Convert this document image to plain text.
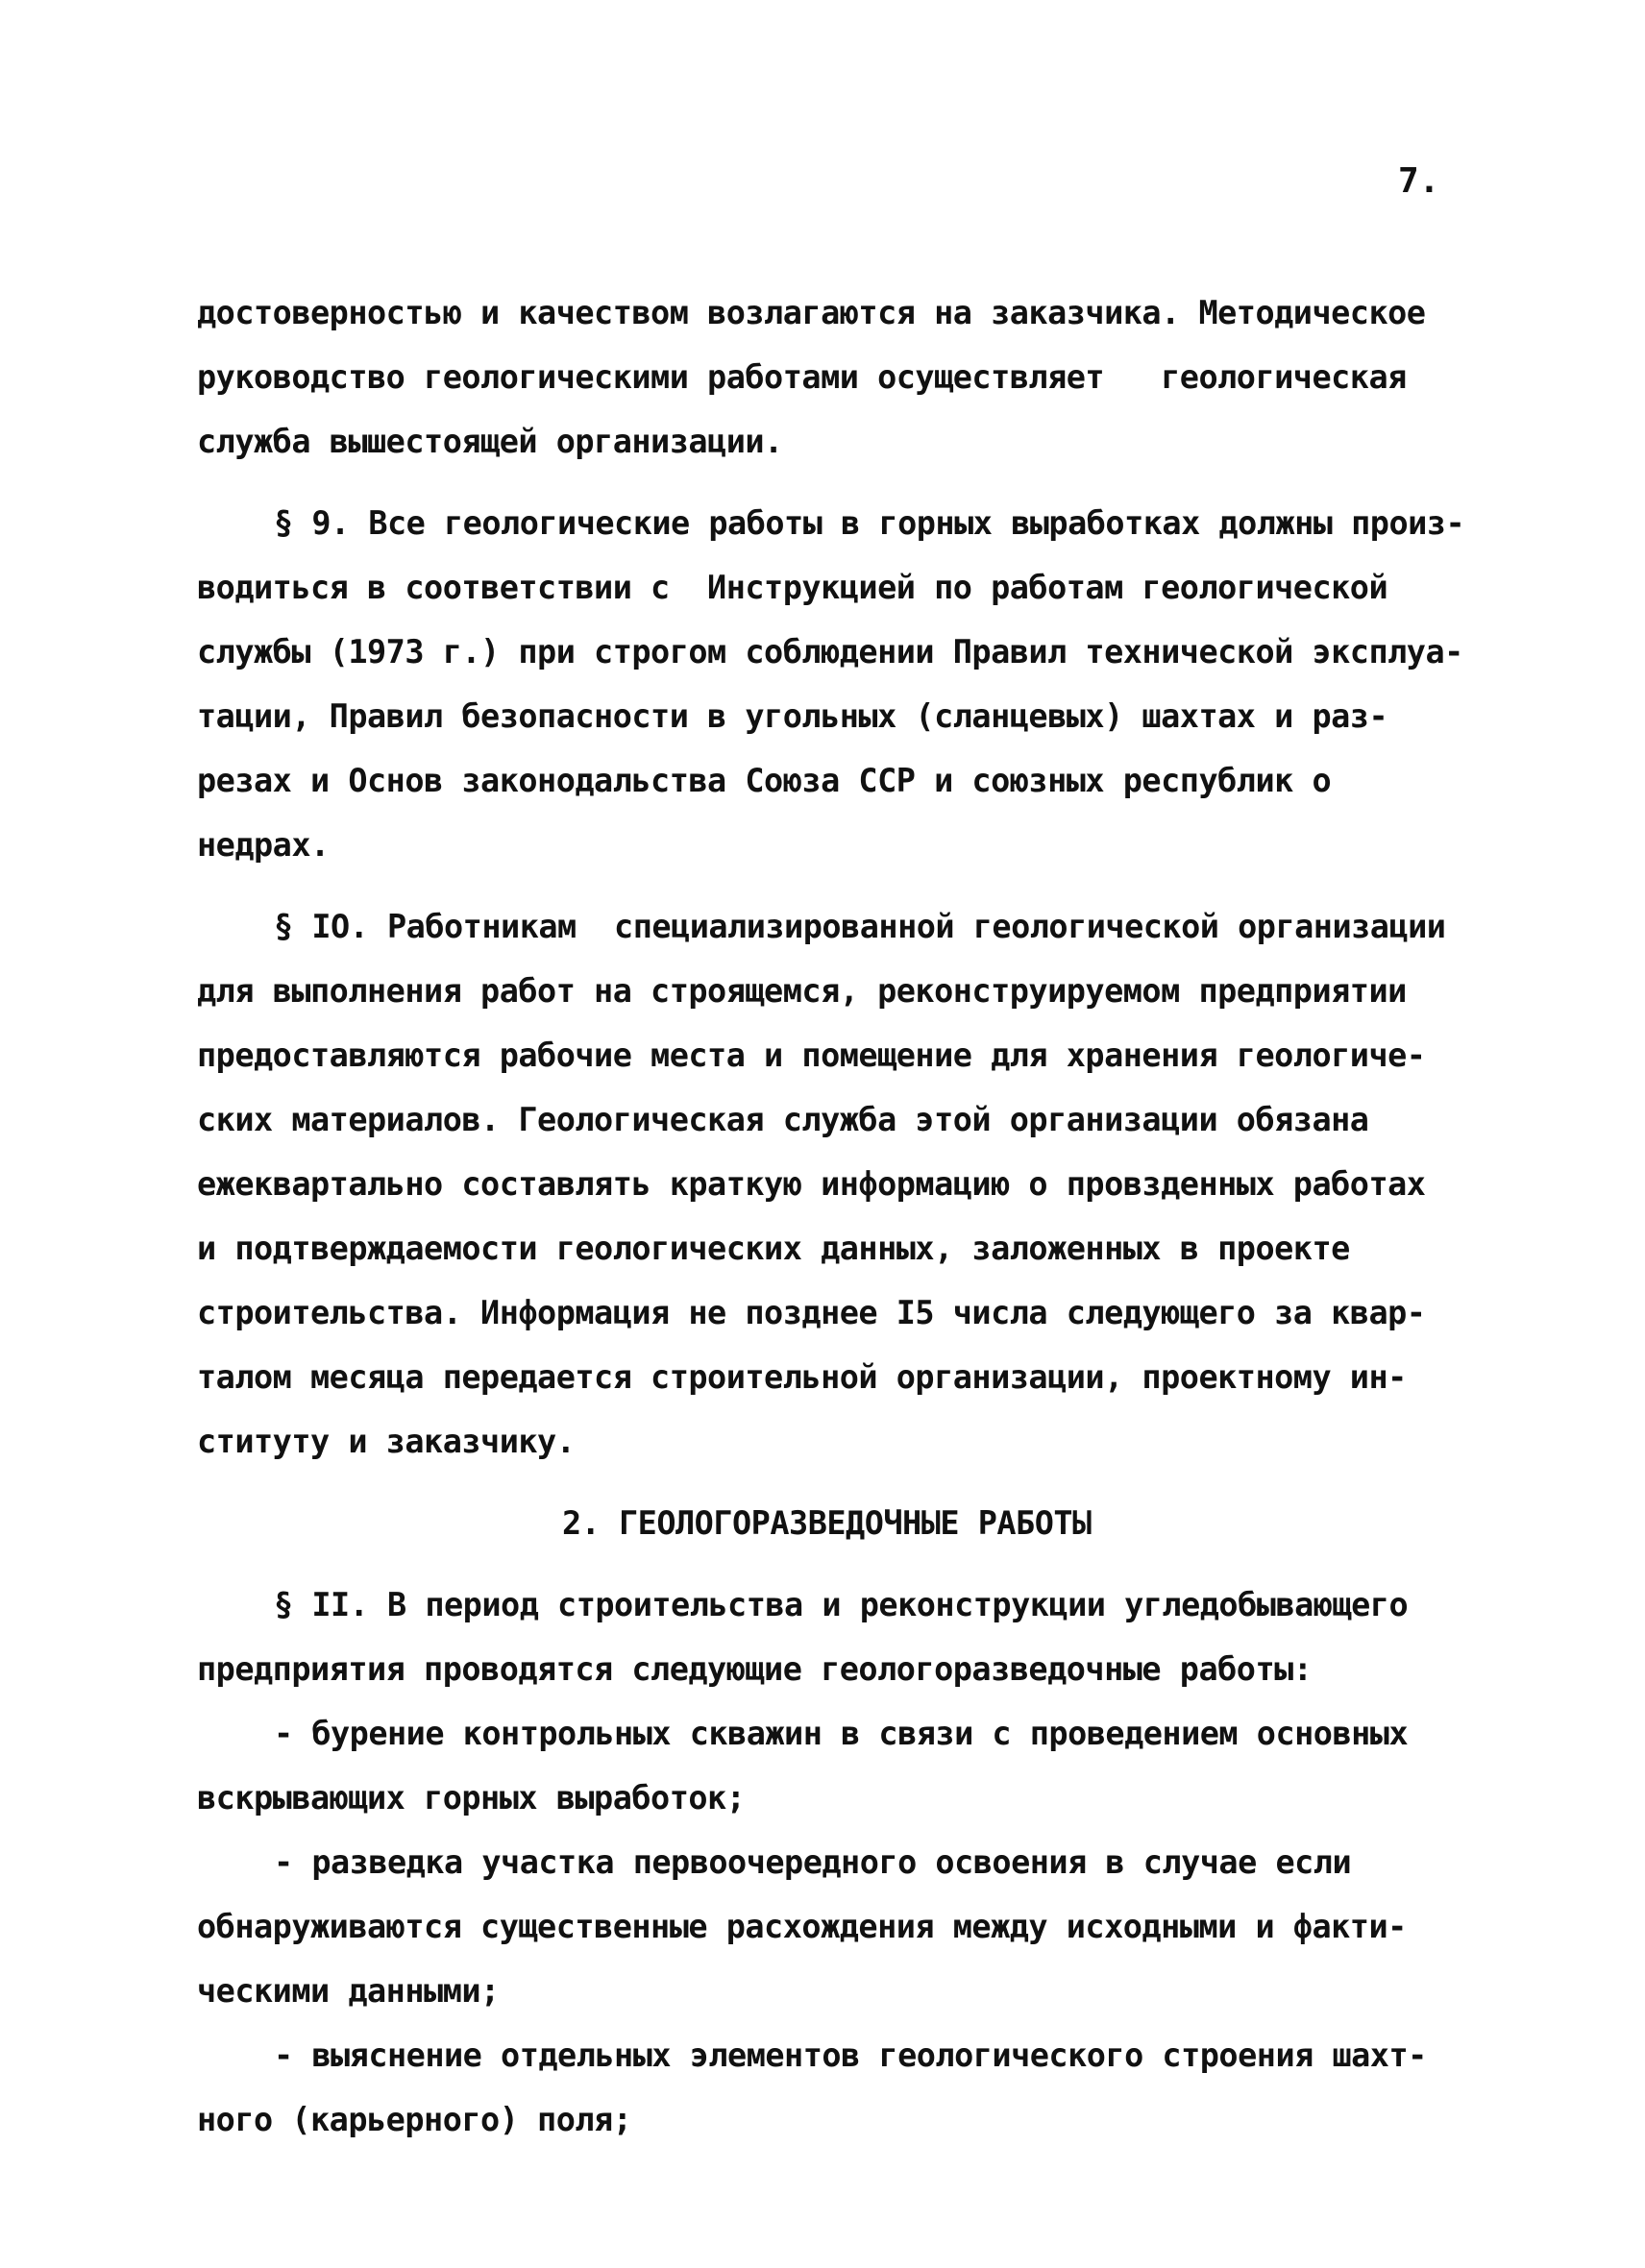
7.
достоверностью и качеством возлагаются на заказчика. Методическое
руководство геологическими работами осуществляет   геологическая
служба вышестоящей организации.
§ 9. Все геологические работы в горных выработках должны произ-
водиться в соответствии с  Инструкцией по работам геологической
службы (1973 г.) при строгом соблюдении Правил технической эксплуа-
тации, Правил безопасности в угольных (сланцевых) шахтах и раз-
резах и Основ законодальства Союза ССР и союзных республик о
недрах.
§ IO. Работникам  специализированной геологической организации
для выполнения работ на строящемся, реконструируемом предприятии
предоставляются рабочие места и помещение для хранения геологиче-
ских материалов. Геологическая служба этой организации обязана
ежеквартально составлять краткую информацию о провзденных работах
и подтверждаемости геологических данных, заложенных в проекте
строительства. Информация не позднее I5 числа следующего за квар-
талом месяца передается строительной организации, проектному ин-
ституту и заказчику.
2. ГЕОЛОГОРАЗВЕДОЧНЫЕ РАБОТЫ
§ II. В период строительства и реконструкции угледобывающего
предприятия проводятся следующие геологоразведочные работы:
- бурение контрольных скважин в связи с проведением основных
вскрывающих горных выработок;
- разведка участка первоочередного освоения в случае если
обнаруживаются существенные расхождения между исходными и факти-
ческими данными;
- выяснение отдельных элементов геологического строения шахт-
ного (карьерного) поля;
